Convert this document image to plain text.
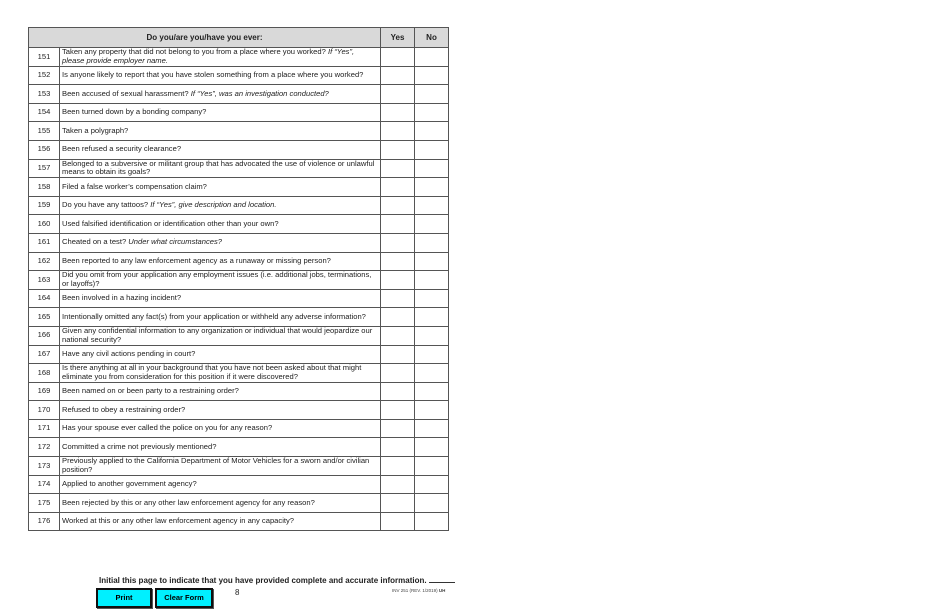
Do you/are you/have you ever:		Yes	No
151	Taken any property that did not belong to you from a place where you worked? If “Yes”, please provide employer name.		
152	Is anyone likely to report that you have stolen something from a place where you worked?		
153	Been accused of sexual harassment? If “Yes”, was an investigation conducted?		
154	Been turned down by a bonding company?		
155	Taken a polygraph?		
156	Been refused a security clearance?		
157	Belonged to a subversive or militant group that has advocated the use of violence or unlawful means to obtain its goals?		
158	Filed a false worker’s compensation claim?		
159	Do you have any tattoos? If “Yes”, give description and location.		
160	Used falsified identification or identification other than your own?		
161	Cheated on a test? Under what circumstances?		
162	Been reported to any law enforcement agency as a runaway or missing person?		
163	Did you omit from your application any employment issues (i.e. additional jobs, terminations, or layoffs)?		
164	Been involved in a hazing incident?		
165	Intentionally omitted any fact(s) from your application or withheld any adverse information?		
166	Given any confidential information to any organization or individual that would jeopardize our national security?		
167	Have any civil actions pending in court?		
168	Is there anything at all in your background that you have not been asked about that might eliminate you from consideration for this position if it were discovered?		
169	Been named on or been party to a restraining order?		
170	Refused to obey a restraining order?		
171	Has your spouse ever called the police on you for any reason?		
172	Committed a crime not previously mentioned?		
173	Previously applied to the California Department of Motor Vehicles for a sworn and/or civilian position?		
174	Applied to another government agency?		
175	Been rejected by this or any other law enforcement agency for any reason?		
176	Worked at this or any other law enforcement agency in any capacity?		
Initial this page to indicate that you have provided complete and accurate information.
Print	Clear Form
8	INV 251 (REV. 1/2019) UH
